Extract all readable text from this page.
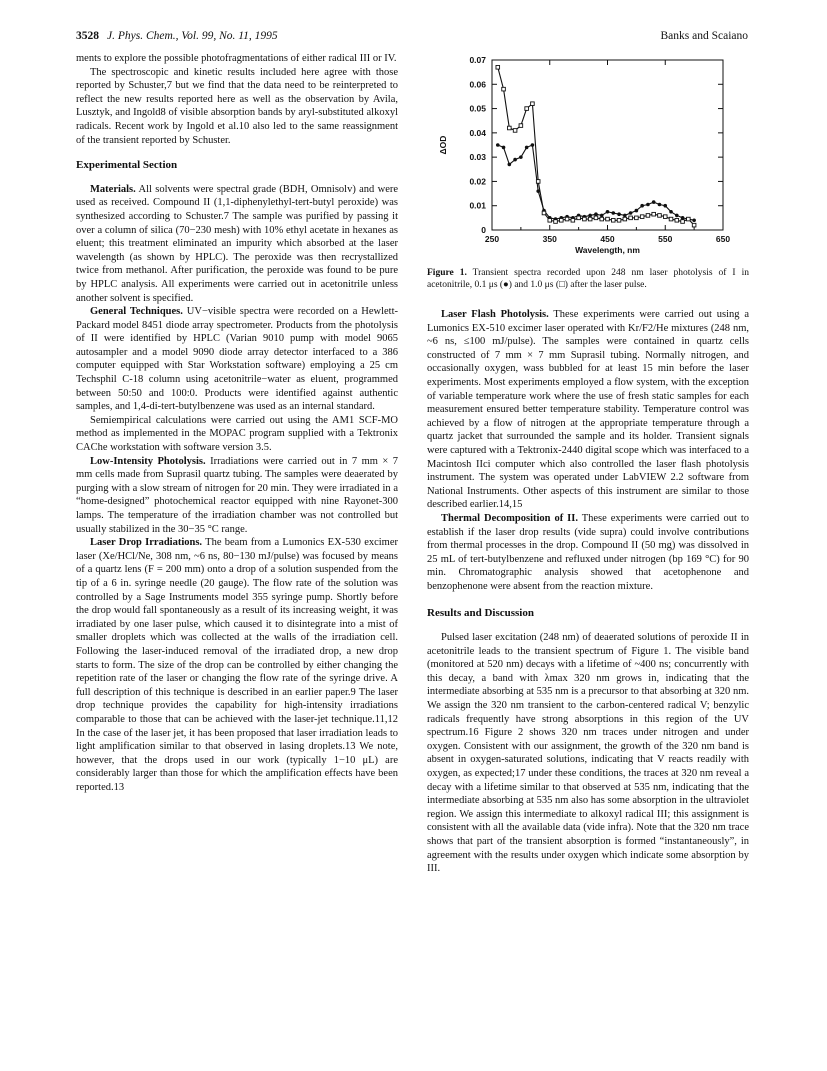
3528 J. Phys. Chem., Vol. 99, No. 11, 1995	Banks and Scaiano

ments to explore the possible photofragmentations of either radical III or IV.

The spectroscopic and kinetic results included here agree with those reported by Schuster,7 but we find that the data need to be reinterpreted to reflect the new results reported here as well as the observation by Avila, Lusztyk, and Ingold8 of visible absorption bands by aryl-substituted alkoxyl radicals. Recent work by Ingold et al.10 also led to the same reassignment of the transient reported by Schuster.

Experimental Section

Materials. All solvents were spectral grade (BDH, Omnisolv) and were used as received. Compound II (1,1-diphenylethyl-tert-butyl peroxide) was synthesized according to Schuster.7 The sample was purified by passing it over a column of silica (70−230 mesh) with 10% ethyl acetate in hexanes as eluent; this treatment eliminated an impurity which absorbed at the laser wavelength (as shown by HPLC). The peroxide was then recrystallized twice from methanol. After purification, the peroxide was found to be pure by HPLC analysis. All experiments were carried out in acetonitrile unless another solvent is specified.

General Techniques. UV−visible spectra were recorded on a Hewlett-Packard model 8451 diode array spectrometer. Products from the photolysis of II were identified by HPLC (Varian 9010 pump with model 9065 autosampler and a model 9090 diode array detector interfaced to a 386 computer equipped with Star Workstation software) employing a 25 cm Techsphil C-18 column using acetonitrile−water as eluent, programmed between 50:50 and 100:0. Products were identified against authentic samples, and 1,4-di-tert-butylbenzene was used as an internal standard.

Semiempirical calculations were carried out using the AM1 SCF-MO method as implemented in the MOPAC program supplied with a Tektronix CAChe workstation with software version 3.5.

Low-Intensity Photolysis. Irradiations were carried out in 7 mm × 7 mm cells made from Suprasil quartz tubing. The samples were deaerated by purging with a slow stream of nitrogen for 20 min. They were irradiated in a “home-designed” photochemical reactor equipped with nine Rayonet-300 lamps. The temperature of the irradiation chamber was not controlled but usually stabilized in the 30−35 °C range.

Laser Drop Irradiations. The beam from a Lumonics EX-530 excimer laser (Xe/HCl/Ne, 308 nm, ~6 ns, 80−130 mJ/pulse) was focused by means of a quartz lens (F = 200 mm) onto a drop of a solution suspended from the tip of a 6 in. syringe needle (20 gauge). The flow rate of the solution was controlled by a Sage Instruments model 355 syringe pump. Shortly before the drop would fall spontaneously as a result of its increasing weight, it was irradiated by one laser pulse, which caused it to disintegrate into a mist of smaller droplets which was collected at the walls of the irradiation cell. Following the laser-induced removal of the irradiated drop, a new drop starts to form. The size of the drop can be controlled by either changing the repetition rate of the laser or changing the flow rate of the syringe drive. A full description of this technique is described in an earlier paper.9 The laser drop technique provides the capability for high-intensity irradiations comparable to those that can be achieved with the laser-jet technique.11,12 In the case of the laser jet, it has been proposed that laser irradiation leads to light amplification similar to that observed in lasing droplets.13 We note, however, that the drops used in our work (typically 1−10 μL) are considerably larger than those for which the amplification effects have been reported.13

0
0.01
0.02
0.03
0.04
0.05
0.06
0.07
250	350	450	550	650
Wavelength, nm
ΔOD
Figure 1. Transient spectra recorded upon 248 nm laser photolysis of I in acetonitrile, 0.1 μs (●) and 1.0 μs (□) after the laser pulse.

Laser Flash Photolysis. These experiments were carried out using a Lumonics EX-510 excimer laser operated with Kr/F2/He mixtures (248 nm, ~6 ns, ≤100 mJ/pulse). The samples were contained in quartz cells constructed of 7 mm × 7 mm Suprasil tubing. Normally nitrogen, and occasionally oxygen, wass bubbled for at least 15 min before the laser experiments. Most experiments employed a flow system, with the exception of variable temperature work where the use of fresh static samples for each measurement ensured better temperature stability. Temperature control was achieved by a flow of nitrogen at the appropriate temperature through a quartz jacket that surrounded the sample and its holder. Transient signals were captured with a Tektronix-2440 digital scope which was interfaced to a Macintosh IIci computer which also controlled the laser flash photolysis instrument. The system was operated under LabVIEW 2.2 software from National Instruments. Other aspects of this instrument are similar to those described earlier.14,15

Thermal Decomposition of II. These experiments were carried out to establish if the laser drop results (vide supra) could involve contributions from thermal processes in the drop. Compound II (50 mg) was dissolved in 25 mL of tert-butylbenzene and refluxed under nitrogen (bp 169 °C) for 90 min. Chromatographic analysis showed that acetophenone and benzophenone were absent from the reaction mixture.

Results and Discussion

Pulsed laser excitation (248 nm) of deaerated solutions of peroxide II in acetonitrile leads to the transient spectrum of Figure 1. The visible band (monitored at 520 nm) decays with a lifetime of ~400 ns; concurrently with this decay, a band with λmax 320 nm grows in, indicating that the intermediate absorbing at 535 nm is a precursor to that absorbing at 320 nm. We assign the 320 nm transient to the carbon-centered radical V; benzylic radicals frequently have strong absorptions in this region of the UV spectrum.16 Figure 2 shows 320 nm traces under nitrogen and under oxygen. Consistent with our assignment, the growth of the 320 nm band is absent in oxygen-saturated solutions, indicating that V reacts readily with oxygen, as expected;17 under these conditions, the traces at 320 nm reveal a decay with a lifetime similar to that observed at 535 nm, indicating that the intermediate absorbing at 535 nm also has some absorption in the ultraviolet region. We assign this intermediate to alkoxyl radical III; this assignment is consistent with all the available data (vide infra). Note that the 320 nm trace shows that part of the transient absorption is formed “instantaneously”, in agreement with the results under oxygen which indicate some absorption by III.
